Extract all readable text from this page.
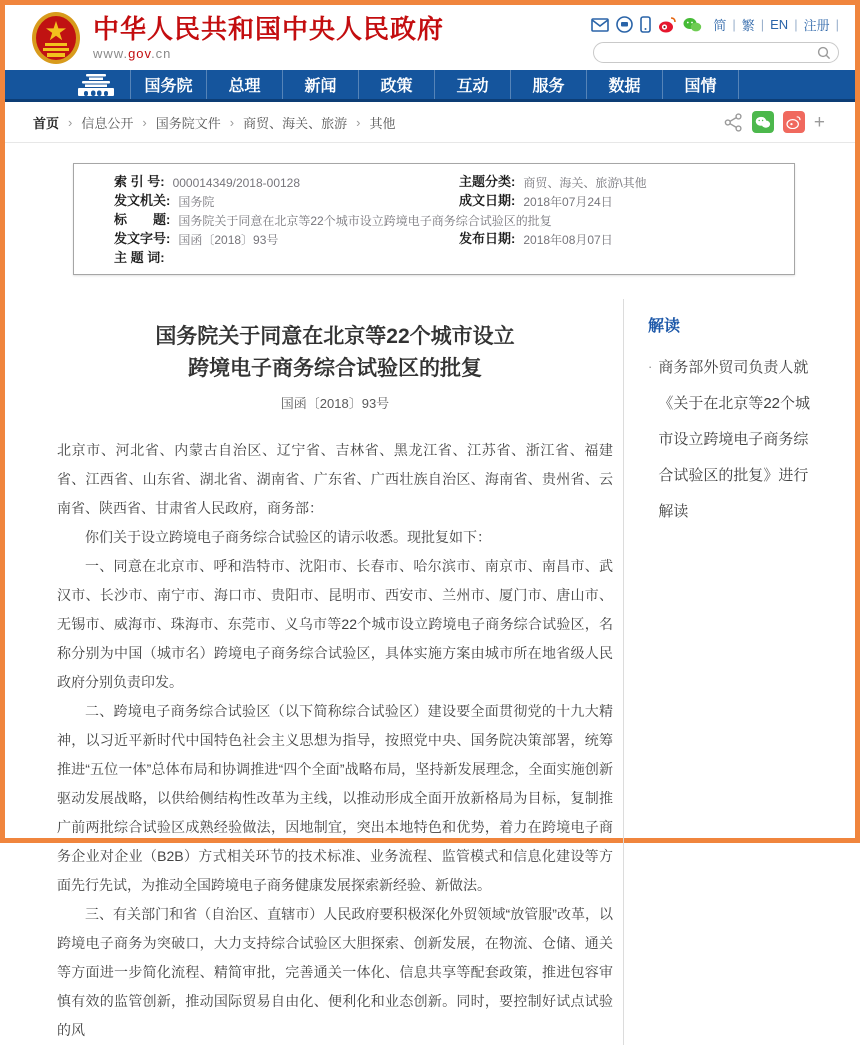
中华人民共和国中央人民政府
www.gov.cn
简 | 繁 | EN | 注册 |
国务院	总理	新闻	政策	互动	服务	数据	国情
首页 › 信息公开 › 国务院文件 › 商贸、海关、旅游 › 其他	+
索 引 号: 000014349/2018-00128	主题分类: 商贸、海关、旅游\其他
发文机关: 国务院	成文日期: 2018年07月24日
标　　题: 国务院关于同意在北京等22个城市设立跨境电子商务综合试验区的批复
发文字号: 国函〔2018〕93号	发布日期: 2018年08月07日
主 题 词:
国务院关于同意在北京等22个城市设立
跨境电子商务综合试验区的批复
国函〔2018〕93号

北京市、河北省、内蒙古自治区、辽宁省、吉林省、黑龙江省、江苏省、浙江省、福建省、江西省、山东省、湖北省、湖南省、广东省、广西壮族自治区、海南省、贵州省、云南省、陕西省、甘肃省人民政府，商务部：

你们关于设立跨境电子商务综合试验区的请示收悉。现批复如下：

一、同意在北京市、呼和浩特市、沈阳市、长春市、哈尔滨市、南京市、南昌市、武汉市、长沙市、南宁市、海口市、贵阳市、昆明市、西安市、兰州市、厦门市、唐山市、无锡市、威海市、珠海市、东莞市、义乌市等22个城市设立跨境电子商务综合试验区，名称分别为中国（城市名）跨境电子商务综合试验区，具体实施方案由城市所在地省级人民政府分别负责印发。

二、跨境电子商务综合试验区（以下简称综合试验区）建设要全面贯彻党的十九大精神，以习近平新时代中国特色社会主义思想为指导，按照党中央、国务院决策部署，统筹推进“五位一体”总体布局和协调推进“四个全面”战略布局，坚持新发展理念，全面实施创新驱动发展战略，以供给侧结构性改革为主线，以推动形成全面开放新格局为目标，复制推广前两批综合试验区成熟经验做法，因地制宜，突出本地特色和优势，着力在跨境电子商务企业对企业（B2B）方式相关环节的技术标准、业务流程、监管模式和信息化建设等方面先行先试，为推动全国跨境电子商务健康发展探索新经验、新做法。

三、有关部门和省（自治区、直辖市）人民政府要积极深化外贸领域“放管服”改革，以跨境电子商务为突破口，大力支持综合试验区大胆探索、创新发展，在物流、仓储、通关等方面进一步简化流程、精简审批，完善通关一体化、信息共享等配套政策，推进包容审慎有效的监管创新，推动国际贸易自由化、便利化和业态创新。同时，要控制好试点试验的风

解读
· 商务部外贸司负责人就《关于在北京等22个城市设立跨境电子商务综合试验区的批复》进行解读
